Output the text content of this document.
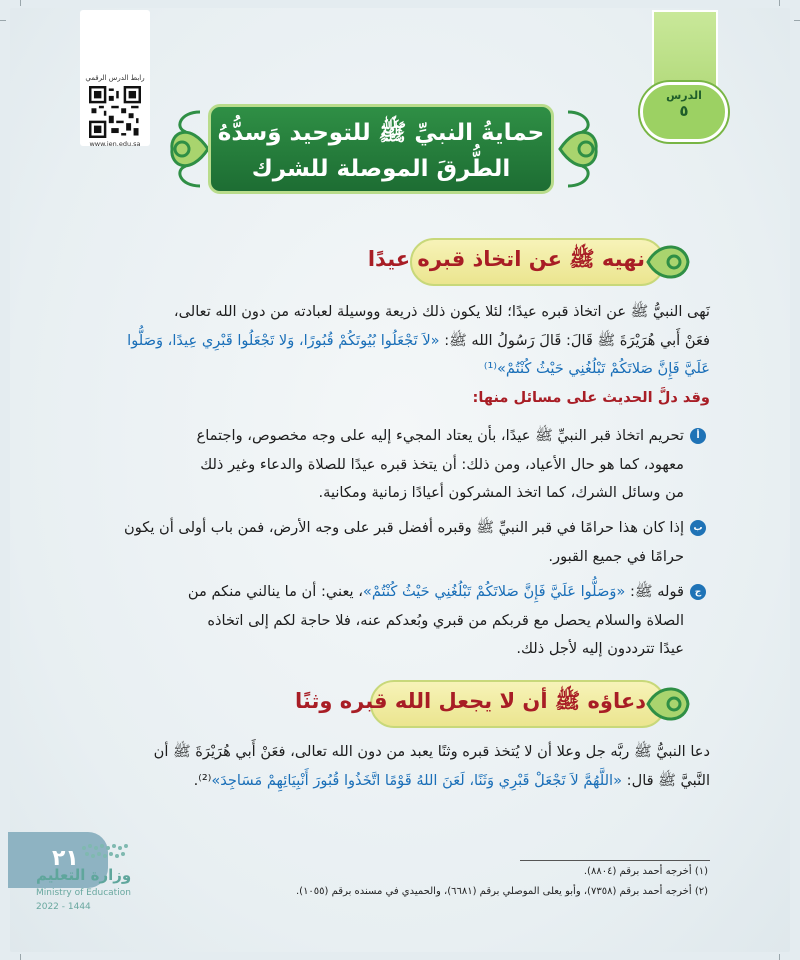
رابط الدرس الرقمي
www.ien.edu.sa
الدرس
٥
حمايةُ النبيِّ ﷺ للتوحيد وَسدُّهُ
الطُّرقَ الموصلة للشرك
نهيه ﷺ عن اتخاذ قبره عيدًا
نَهى النبيُّ ﷺ عن اتخاذ قبره عيدًا؛ لئلا يكون ذلك ذريعة ووسيلة لعبادته من دون الله تعالى،
فعَنْ أَبي هُرَيْرَةَ ﷺ قَالَ: قَالَ رَسُولُ الله ﷺ: «لاَ تَجْعَلُوا بُيُوتَكُمْ قُبُورًا، وَلا تَجْعَلُوا قَبْرِي عِيدًا، وَصَلُّوا
عَلَيَّ فَإِنَّ صَلاتَكُمْ تَبْلُغُنِي حَيْثُ كُنْتُمْ»⁽¹⁾
وقد دلَّ الحديث على مسائل منها:
أ
تحريم اتخاذ قبر النبيِّ ﷺ عيدًا، بأن يعتاد المجيء إليه على وجه مخصوص، واجتماع
معهود، كما هو حال الأعياد، ومن ذلك: أن يتخذ قبره عيدًا للصلاة والدعاء وغير ذلك
من وسائل الشرك، كما اتخذ المشركون أعيادًا زمانية ومكانية.
ب
إذا كان هذا حرامًا في قبر النبيِّ ﷺ وقبره أفضل قبر على وجه الأرض، فمن باب أولى أن يكون
حرامًا في جميع القبور.
ج
قوله ﷺ: «وَصَلُّوا عَلَيَّ فَإِنَّ صَلاتَكُمْ تَبْلُغُنِي حَيْثُ كُنْتُمْ»، يعني: أن ما ينالني منكم من
الصلاة والسلام يحصل مع قربكم من قبري وبُعدكم عنه، فلا حاجة لكم إلى اتخاذه
عيدًا تترددون إليه لأجل ذلك.
دعاؤه ﷺ أن لا يجعل الله قبره وثنًا
دعا النبيُّ ﷺ ربَّه جل وعلا أن لا يُتخذ قبره وثنًا يعبد من دون الله تعالى، فعَنْ أَبي هُرَيْرَةَ ﷺ أن
النَّبيَّ ﷺ قال: «اللَّهُمَّ لاَ تَجْعَلْ قَبْرِي وَثَنًا، لَعَنَ اللهُ قَوْمًا اتَّخَذُوا قُبُورَ أَنْبِيَائِهِمْ مَسَاجِدَ»⁽²⁾.
٢١
وزارة التعليم
Ministry of Education
2022 - 1444
(١) أخرجه أحمد برقم (٨٨٠٤).
(٢) أخرجه أحمد برقم (٧٣٥٨)، وأبو يعلى الموصلي برقم (٦٦٨١)، والحميدي في مسنده برقم (١٠٥٥).
